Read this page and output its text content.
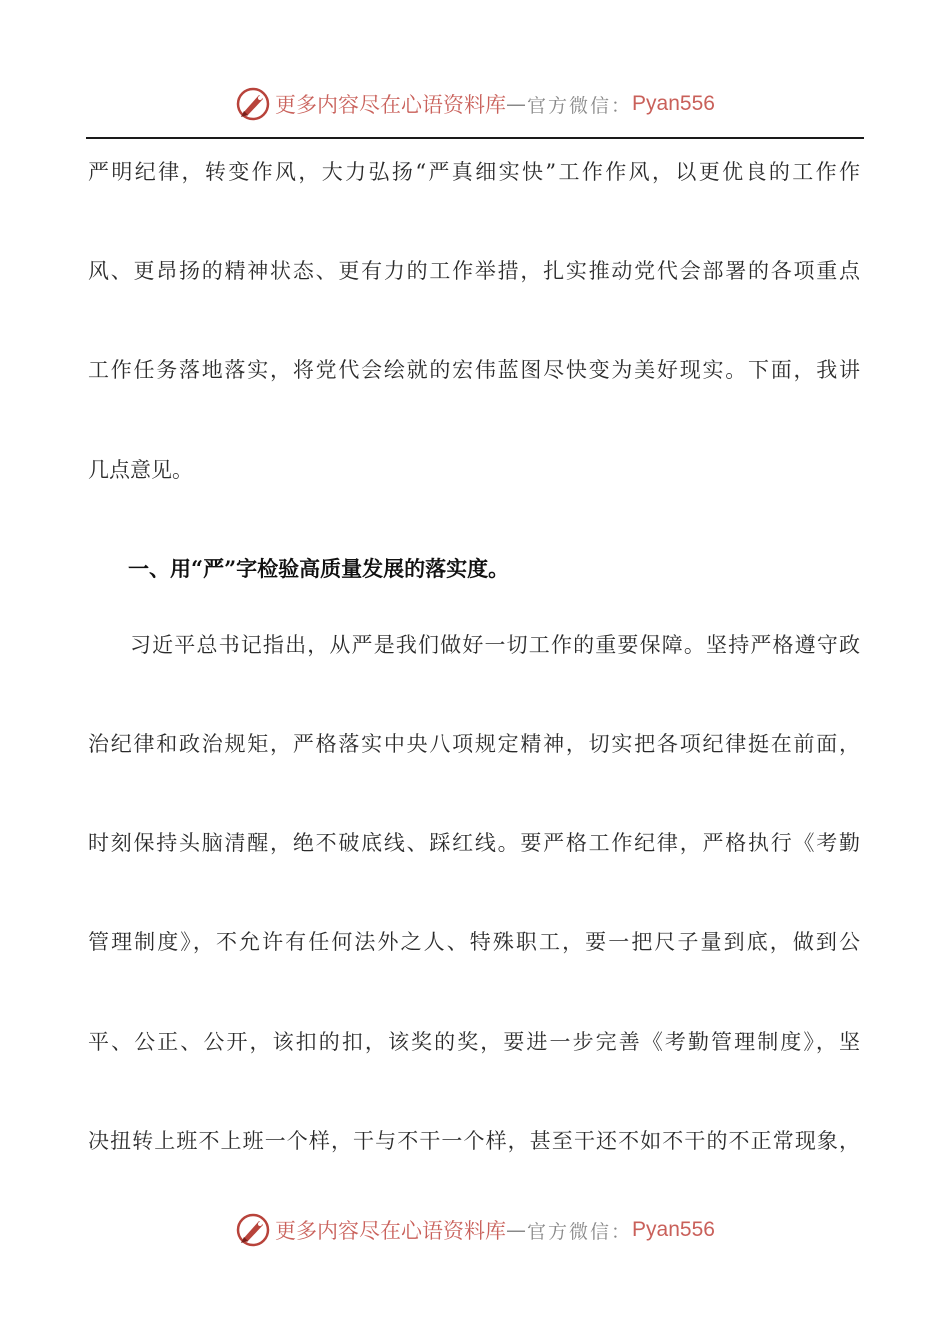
更多内容尽在心语资料库 — 官方微信： Pyan556
严明纪律，转变作风，大力弘扬“严真细实快”工作作风，以更优良的工作作
风、更昂扬的精神状态、更有力的工作举措，扎实推动党代会部署的各项重点
工作任务落地落实，将党代会绘就的宏伟蓝图尽快变为美好现实。下面，我讲
几点意见。
一、用“严”字检验高质量发展的落实度。
习近平总书记指出，从严是我们做好一切工作的重要保障。坚持严格遵守政
治纪律和政治规矩，严格落实中央八项规定精神，切实把各项纪律挺在前面，
时刻保持头脑清醒，绝不破底线、踩红线。要严格工作纪律，严格执行《考勤
管理制度》，不允许有任何法外之人、特殊职工，要一把尺子量到底，做到公
平、公正、公开，该扣的扣，该奖的奖，要进一步完善《考勤管理制度》，坚
决扭转上班不上班一个样，干与不干一个样，甚至干还不如不干的不正常现象，
更多内容尽在心语资料库 — 官方微信： Pyan556
